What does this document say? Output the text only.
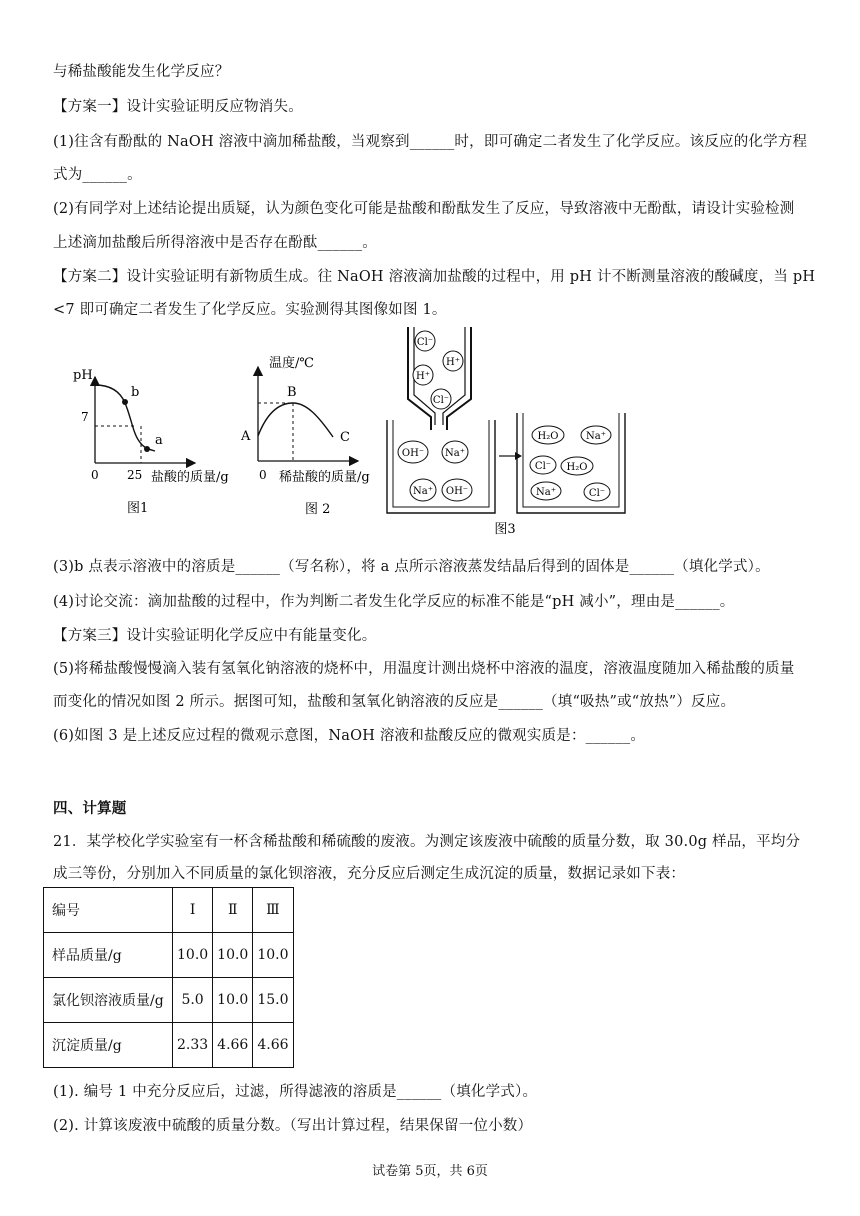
与稀盐酸能发生化学反应？
【方案一】设计实验证明反应物消失。
(1)往含有酚酞的 NaOH 溶液中滴加稀盐酸，当观察到______时，即可确定二者发生了化学反应。该反应的化学方程
式为______。
(2)有同学对上述结论提出质疑，认为颜色变化可能是盐酸和酚酞发生了反应，导致溶液中无酚酞，请设计实验检测
上述滴加盐酸后所得溶液中是否存在酚酞______。
【方案二】设计实验证明有新物质生成。往 NaOH 溶液滴加盐酸的过程中，用 pH 计不断测量溶液的酸碱度，当 pH
<7 即可确定二者发生了化学反应。实验测得其图像如图 1。
pH
7
0 25 盐酸的质量/g
b
a
图1
温度/℃
A
B
C
0 稀盐酸的质量/g
图 2
Cl⁻
H⁺
H⁺
Cl⁻
OH⁻ Na⁺
Na⁺ OH⁻
H₂O	Na⁺
Cl⁻ H₂O
Na⁺	Cl⁻
图3
(3)b 点表示溶液中的溶质是______（写名称），将 a 点所示溶液蒸发结晶后得到的固体是______（填化学式）。
(4)讨论交流：滴加盐酸的过程中，作为判断二者发生化学反应的标准不能是“pH 减小”，理由是______。
【方案三】设计实验证明化学反应中有能量变化。
(5)将稀盐酸慢慢滴入装有氢氧化钠溶液的烧杯中，用温度计测出烧杯中溶液的温度，溶液温度随加入稀盐酸的质量
而变化的情况如图 2 所示。据图可知，盐酸和氢氧化钠溶液的反应是______（填“吸热”或“放热”）反应。
(6)如图 3 是上述反应过程的微观示意图，NaOH 溶液和盐酸反应的微观实质是：______。
四、计算题
21．某学校化学实验室有一杯含稀盐酸和稀硫酸的废液。为测定该废液中硫酸的质量分数，取 30.0g 样品，平均分
成三等份，分别加入不同质量的氯化钡溶液，充分反应后测定生成沉淀的质量，数据记录如下表：
编号	Ⅰ	Ⅱ	Ⅲ
样品质量/g	10.0	10.0	10.0
氯化钡溶液质量/g	5.0	10.0	15.0
沉淀质量/g	2.33	4.66	4.66
(1). 编号 1 中充分反应后，过滤，所得滤液的溶质是______（填化学式）。
(2). 计算该废液中硫酸的质量分数。（写出计算过程，结果保留一位小数）
试卷第 5页，共 6页
